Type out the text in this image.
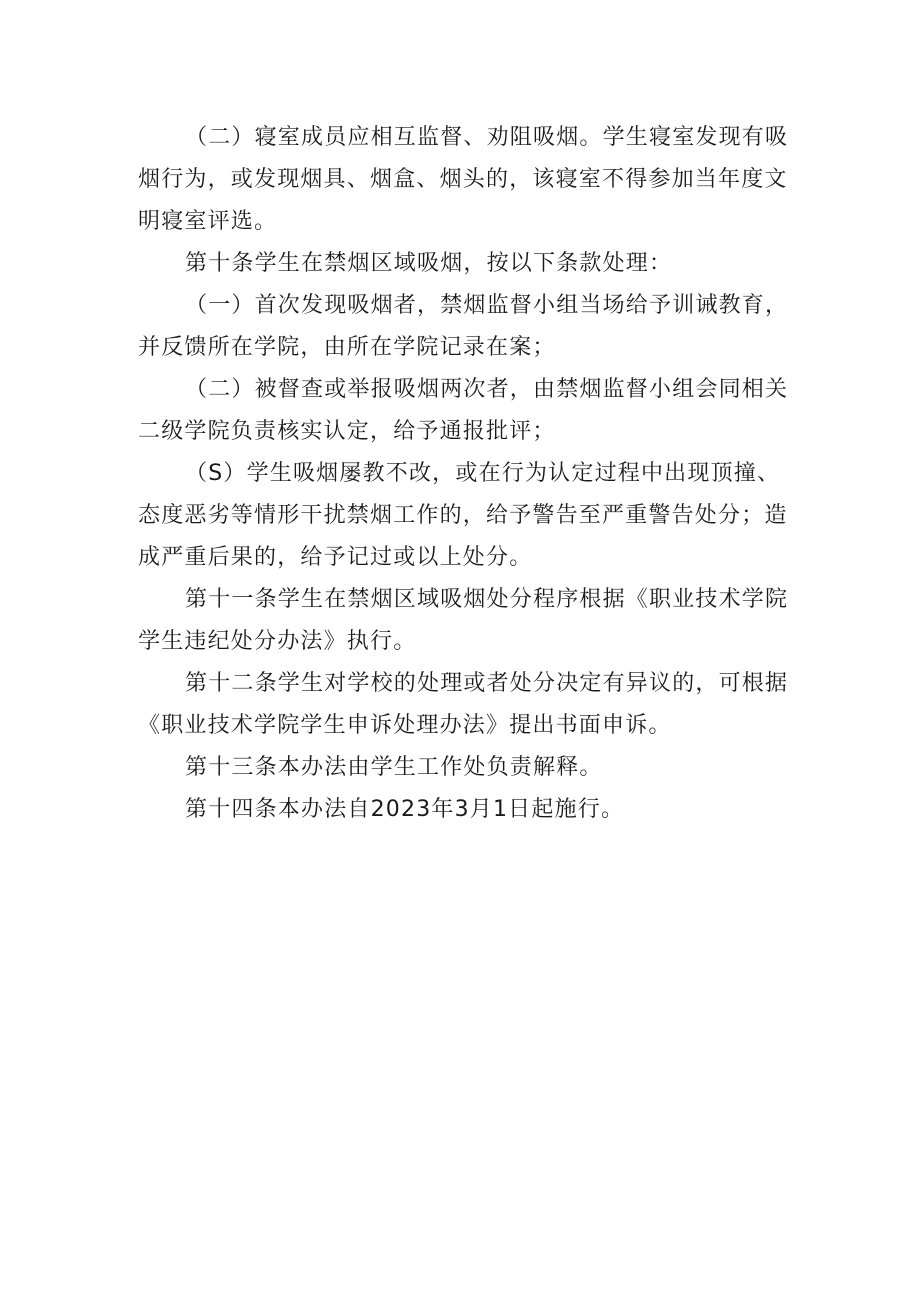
（二）寝室成员应相互监督、劝阻吸烟。学生寝室发现有吸
烟行为，或发现烟具、烟盒、烟头的，该寝室不得参加当年度文
明寝室评选。
第十条学生在禁烟区域吸烟，按以下条款处理：
（一）首次发现吸烟者，禁烟监督小组当场给予训诫教育，
并反馈所在学院，由所在学院记录在案；
（二）被督查或举报吸烟两次者，由禁烟监督小组会同相关
二级学院负责核实认定，给予通报批评；
（S）学生吸烟屡教不改，或在行为认定过程中出现顶撞、
态度恶劣等情形干扰禁烟工作的，给予警告至严重警告处分；造
成严重后果的，给予记过或以上处分。
第十一条学生在禁烟区域吸烟处分程序根据《职业技术学院
学生违纪处分办法》执行。
第十二条学生对学校的处理或者处分决定有异议的，可根据
《职业技术学院学生申诉处理办法》提出书面申诉。
第十三条本办法由学生工作处负责解释。
第十四条本办法自2023年3月1日起施行。
